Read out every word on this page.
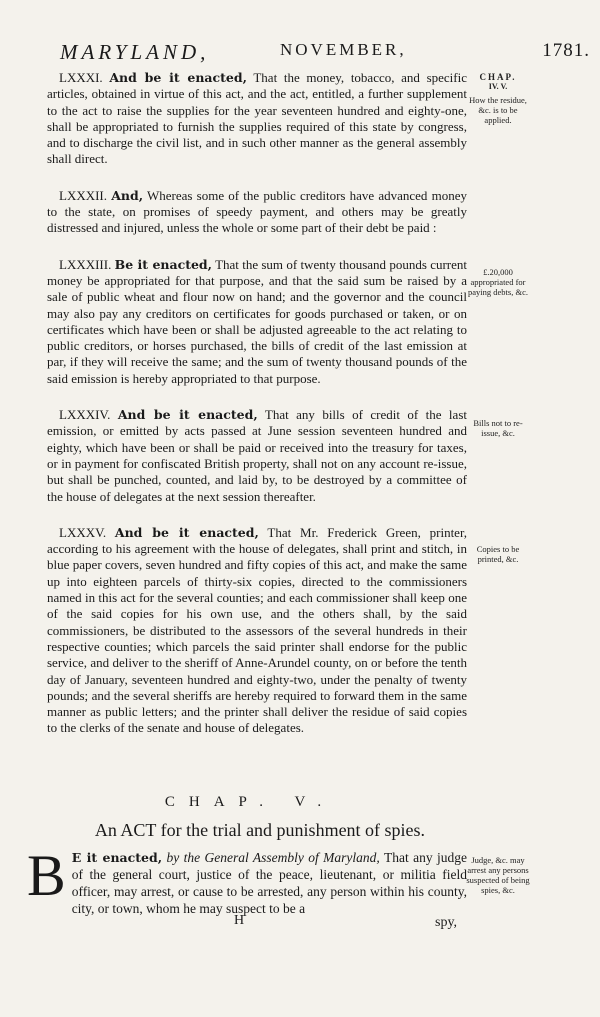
MARYLAND,	NOVEMBER,	1781.

LXXXI. And be it enacted, That the money, tobacco, and specific articles, obtained in virtue of this act, and the act, entitled, a further supplement to the act to raise the supplies for the year seventeen hundred and eighty-one, shall be appropriated to furnish the supplies required of this state by congress, and to discharge the civil list, and in such other manner as the general assembly shall direct.

LXXXII. And, Whereas some of the public creditors have advanced money to the state, on promises of speedy payment, and others may be greatly distressed and injured, unless the whole or some part of their debt be paid :

LXXXIII. Be it enacted, That the sum of twenty thousand pounds current money be appropriated for that purpose, and that the said sum be raised by a sale of public wheat and flour now on hand; and the governor and the council may also pay any creditors on certificates for goods purchased or taken, or on certificates which have been or shall be adjusted agreeable to the act relating to public creditors, or horses purchased, the bills of credit of the last emission at par, if they will receive the same; and the sum of twenty thousand pounds of the said emission is hereby appropriated to that purpose.

LXXXIV. And be it enacted, That any bills of credit of the last emission, or emitted by acts passed at June session seventeen hundred and eighty, which have been or shall be paid or received into the treasury for taxes, or in payment for confiscated British property, shall not on any account re-issue, but shall be punched, counted, and laid by, to be destroyed by a committee of the house of delegates at the next session thereafter.

LXXXV. And be it enacted, That Mr. Frederick Green, printer, according to his agreement with the house of delegates, shall print and stitch, in blue paper covers, seven hundred and fifty copies of this act, and make the same up into eighteen parcels of thirty-six copies, directed to the commissioners named in this act for the several counties; and each commissioner shall keep one of the said copies for his own use, and the others shall, by the said commissioners, be distributed to the assessors of the several hundreds in their respective counties; which parcels the said printer shall endorse for the public service, and deliver to the sheriff of Anne-Arundel county, on or before the tenth day of January, seventeen hundred and eighty-two, under the penalty of twenty pounds; and the several sheriffs are hereby required to forward them in the same manner as public letters; and the printer shall deliver the residue of said copies to the clerks of the senate and house of delegates.

CHAP.
IV. V.
How the residue, &c. is to be applied.
£.20,000 appropriated for paying debts, &c.
Bills not to re-issue, &c.
Copies to be printed, &c.
Judge, &c. may arrest any persons suspected of being spies, &c.
CHAP. V.
An ACT for the trial and punishment of spies.
B E it enacted, by the General Assembly of Maryland, That any judge of the general court, justice of the peace, lieutenant, or militia field officer, may arrest, or cause to be arrested, any person within his county, city, or town, whom he may suspect to be a

H	spy,
